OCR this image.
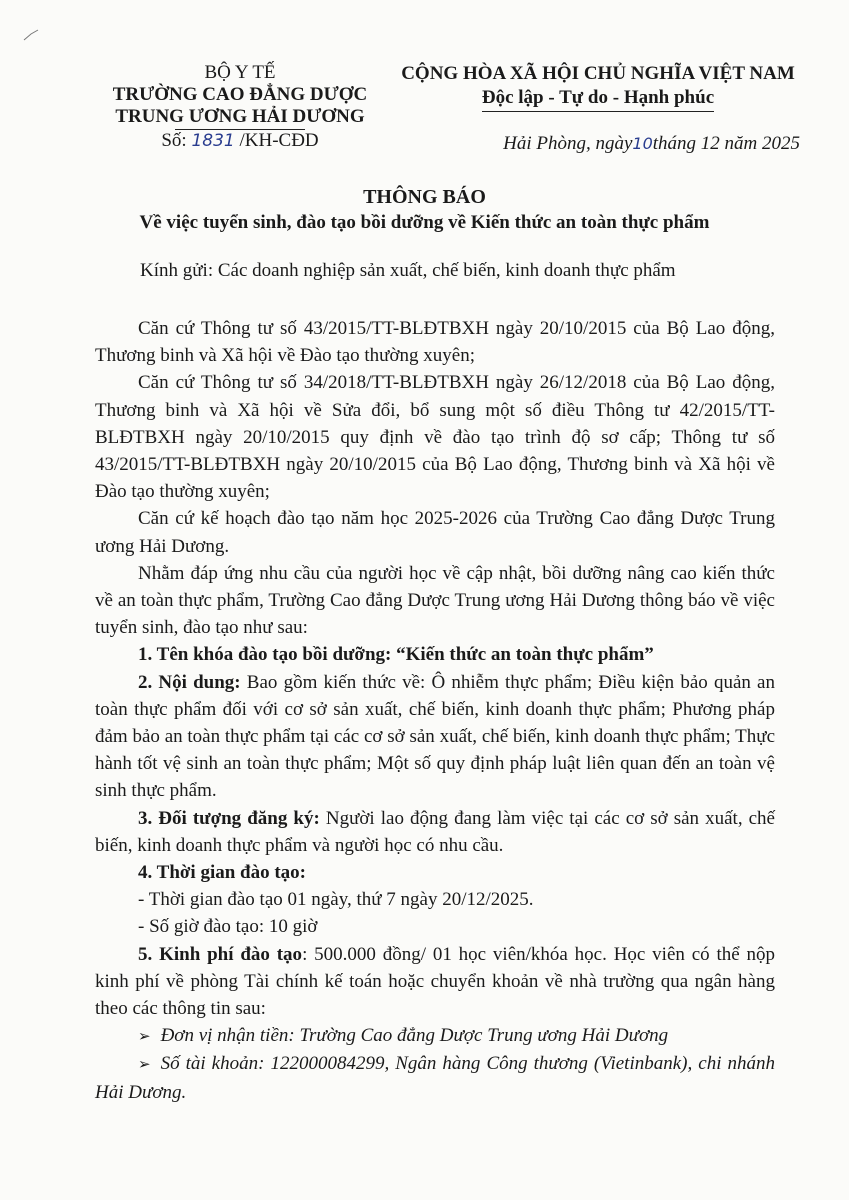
BỘ Y TẾ
TRƯỜNG CAO ĐẲNG DƯỢC
TRUNG ƯƠNG HẢI DƯƠNG
Số: 1831 /KH-CĐD
CỘNG HÒA XÃ HỘI CHỦ NGHĨA VIỆT NAM
Độc lập - Tự do - Hạnh phúc
Hải Phòng, ngày10tháng 12 năm 2025
THÔNG BÁO
Về việc tuyển sinh, đào tạo bồi dưỡng về Kiến thức an toàn thực phẩm
Kính gửi: Các doanh nghiệp sản xuất, chế biến, kinh doanh thực phẩm

Căn cứ Thông tư số 43/2015/TT-BLĐTBXH ngày 20/10/2015 của Bộ Lao động, Thương binh và Xã hội về Đào tạo thường xuyên;

Căn cứ Thông tư số 34/2018/TT-BLĐTBXH ngày 26/12/2018 của Bộ Lao động, Thương binh và Xã hội về Sửa đổi, bổ sung một số điều Thông tư 42/2015/TT-BLĐTBXH ngày 20/10/2015 quy định về đào tạo trình độ sơ cấp; Thông tư số 43/2015/TT-BLĐTBXH ngày 20/10/2015 của Bộ Lao động, Thương binh và Xã hội về Đào tạo thường xuyên;

Căn cứ kế hoạch đào tạo năm học 2025-2026 của Trường Cao đẳng Dược Trung ương Hải Dương.

Nhằm đáp ứng nhu cầu của người học về cập nhật, bồi dưỡng nâng cao kiến thức về an toàn thực phẩm, Trường Cao đẳng Dược Trung ương Hải Dương thông báo về việc tuyển sinh, đào tạo như sau:

1. Tên khóa đào tạo bồi dưỡng: “Kiến thức an toàn thực phẩm”

2. Nội dung: Bao gồm kiến thức về: Ô nhiễm thực phẩm; Điều kiện bảo quản an toàn thực phẩm đối với cơ sở sản xuất, chế biến, kinh doanh thực phẩm; Phương pháp đảm bảo an toàn thực phẩm tại các cơ sở sản xuất, chế biến, kinh doanh thực phẩm; Thực hành tốt vệ sinh an toàn thực phẩm; Một số quy định pháp luật liên quan đến an toàn vệ sinh thực phẩm.

3. Đối tượng đăng ký: Người lao động đang làm việc tại các cơ sở sản xuất, chế biến, kinh doanh thực phẩm và người học có nhu cầu.

4. Thời gian đào tạo:

- Thời gian đào tạo 01 ngày, thứ 7 ngày 20/12/2025.

- Số giờ đào tạo: 10 giờ

5. Kinh phí đào tạo: 500.000 đồng/ 01 học viên/khóa học. Học viên có thể nộp kinh phí về phòng Tài chính kế toán hoặc chuyển khoản về nhà trường qua ngân hàng theo các thông tin sau:

➢ Đơn vị nhận tiền: Trường Cao đẳng Dược Trung ương Hải Dương

➢ Số tài khoản: 122000084299, Ngân hàng Công thương (Vietinbank), chi nhánh Hải Dương.
